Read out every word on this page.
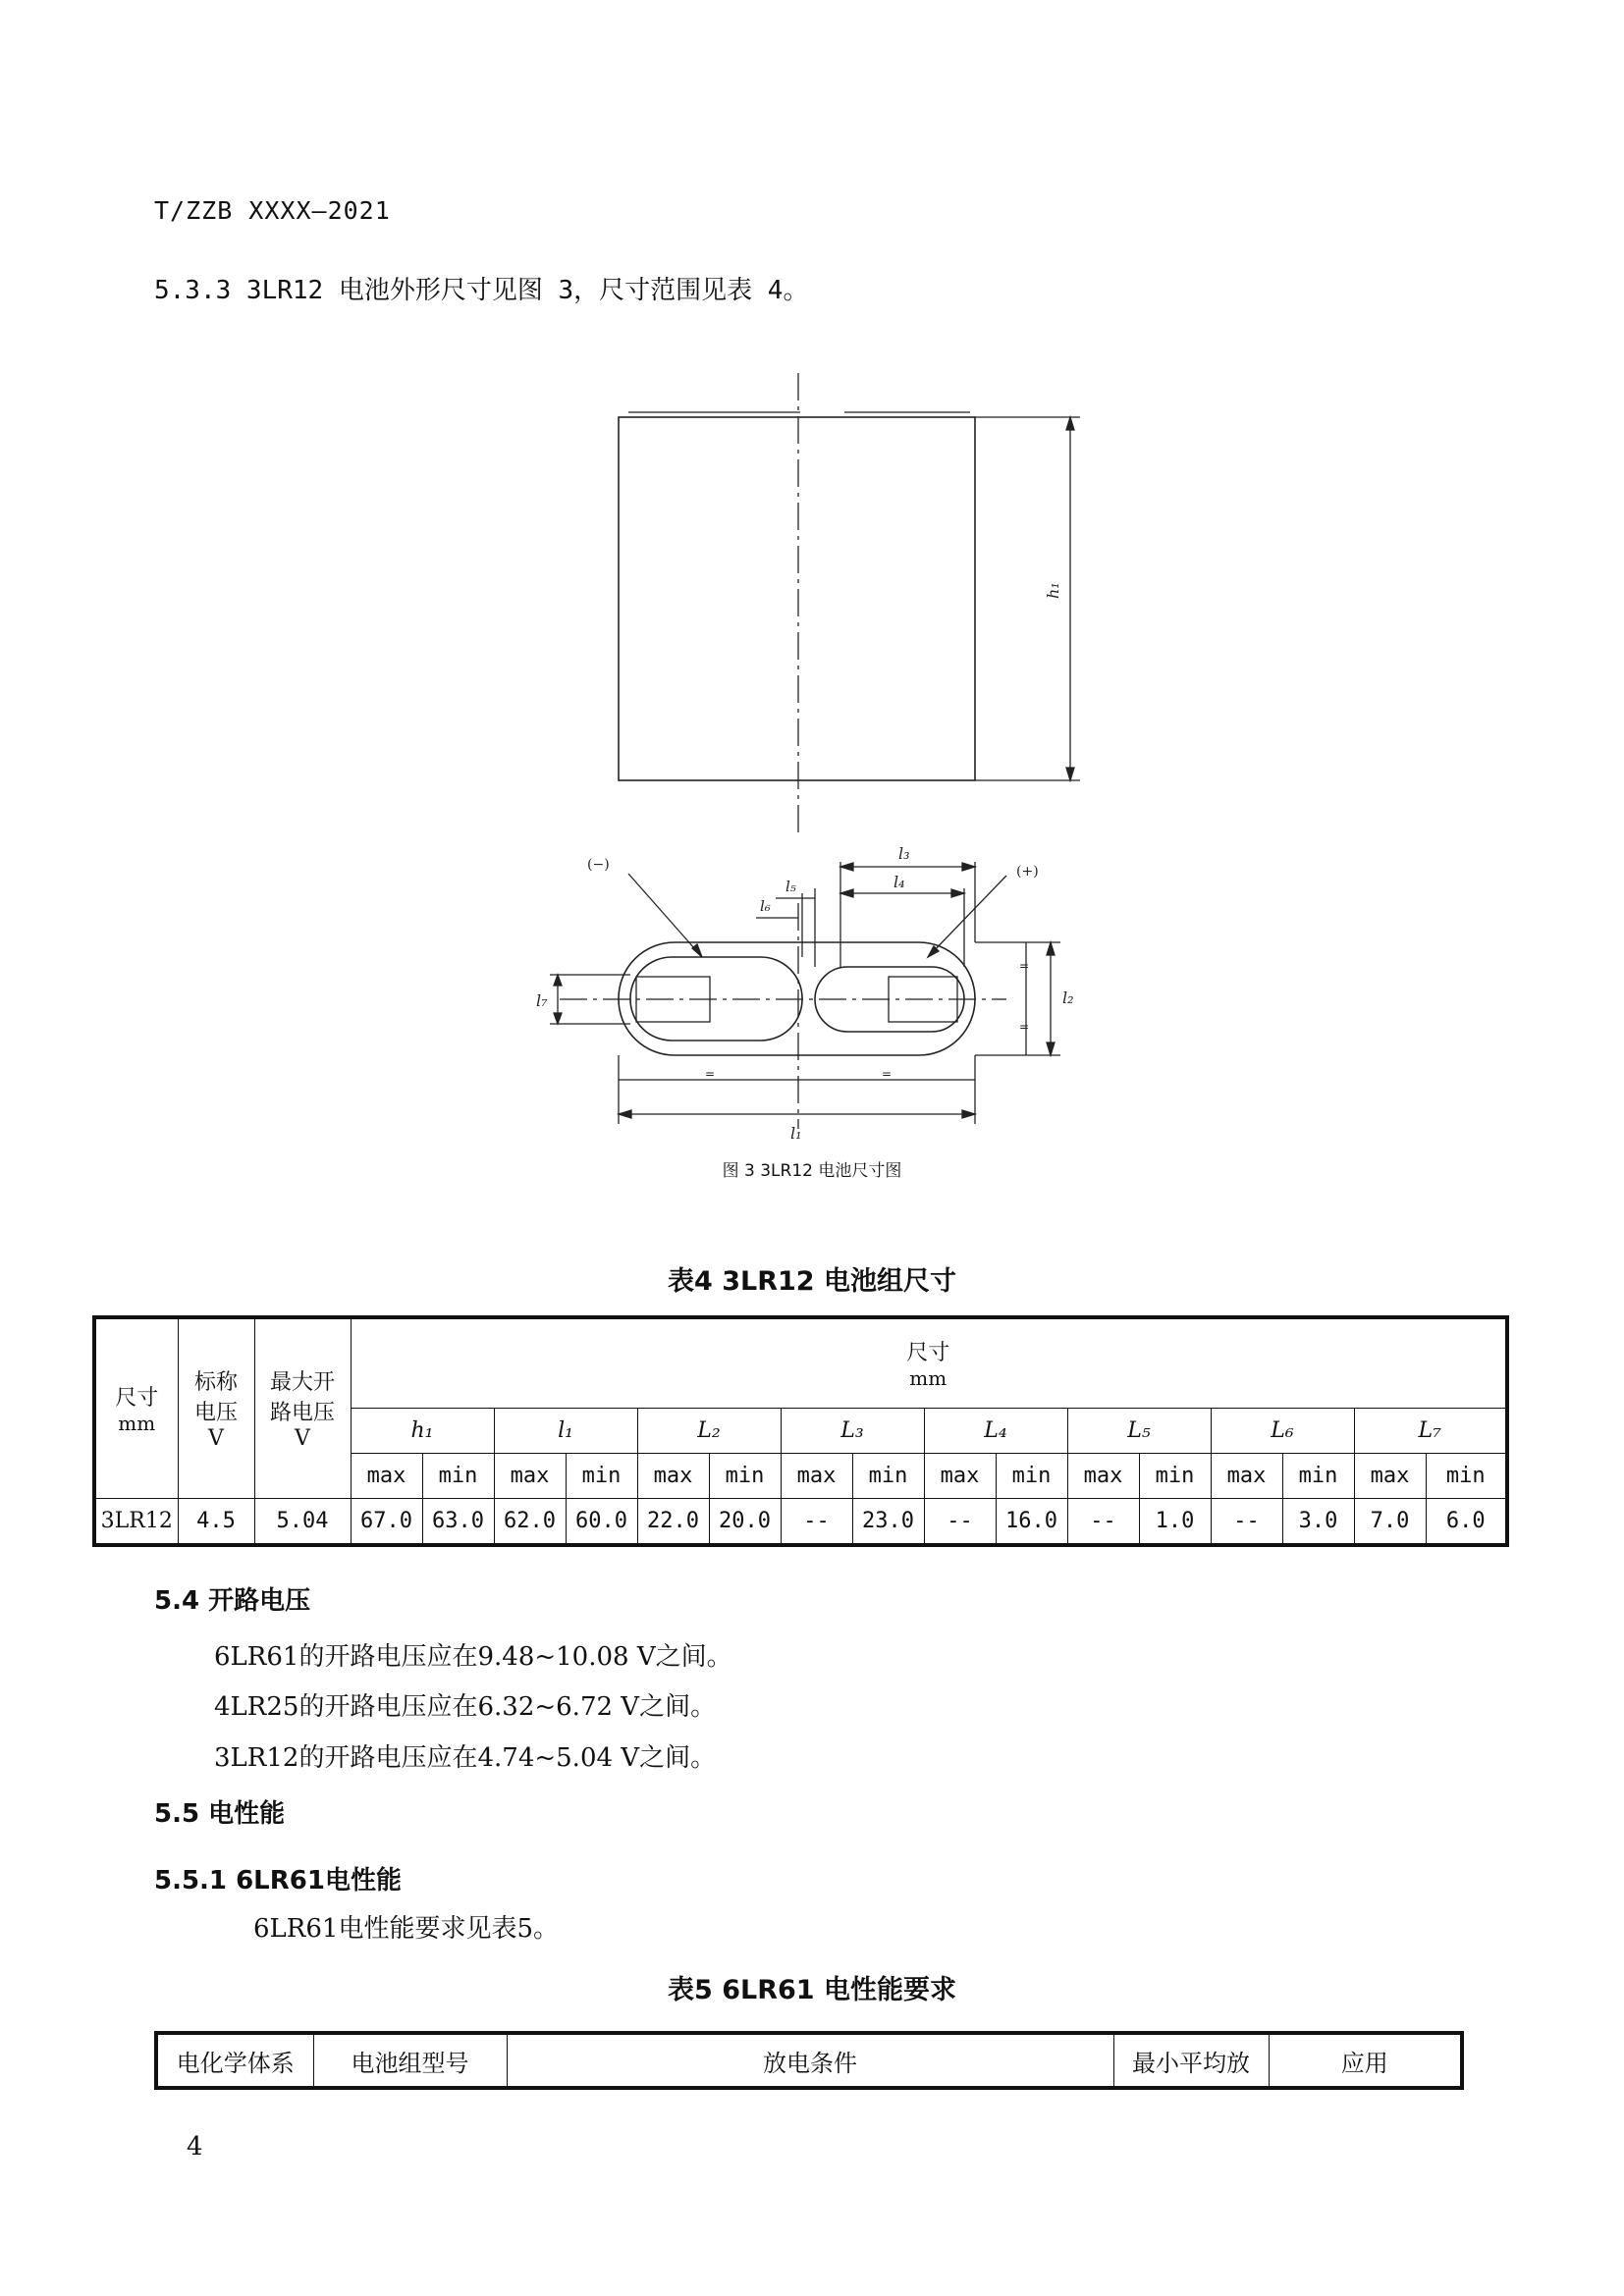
T/ZZB XXXX—2021
5.3.3 3LR12 电池外形尺寸见图 3，尺寸范围见表 4。
h₁
=	=
l₁
=
=
l₂
l₇
l₃
l₄
l₅
l₆
(−)	(+)
图 3 3LR12 电池尺寸图
表4 3LR12 电池组尺寸
尺寸
mm	标称
电压
V	最大开
路电压
V	尺寸
mm															
			h₁		l₁		L₂		L₃		L₄		L₅		L₆		L₇	
			max	min	max	min	max	min	max	min	max	min	max	min	max	min	max	min
3LR12	4.5	5.04	67.0	63.0	62.0	60.0	22.0	20.0	--	23.0	--	16.0	--	1.0	--	3.0	7.0	6.0
5.4 开路电压
6LR61的开路电压应在9.48~10.08 V之间。
4LR25的开路电压应在6.32~6.72 V之间。
3LR12的开路电压应在4.74~5.04 V之间。
5.5 电性能
5.5.1 6LR61电性能
6LR61电性能要求见表5。
表5 6LR61 电性能要求
电化学体系	电池组型号	放电条件	最小平均放	应用
4
